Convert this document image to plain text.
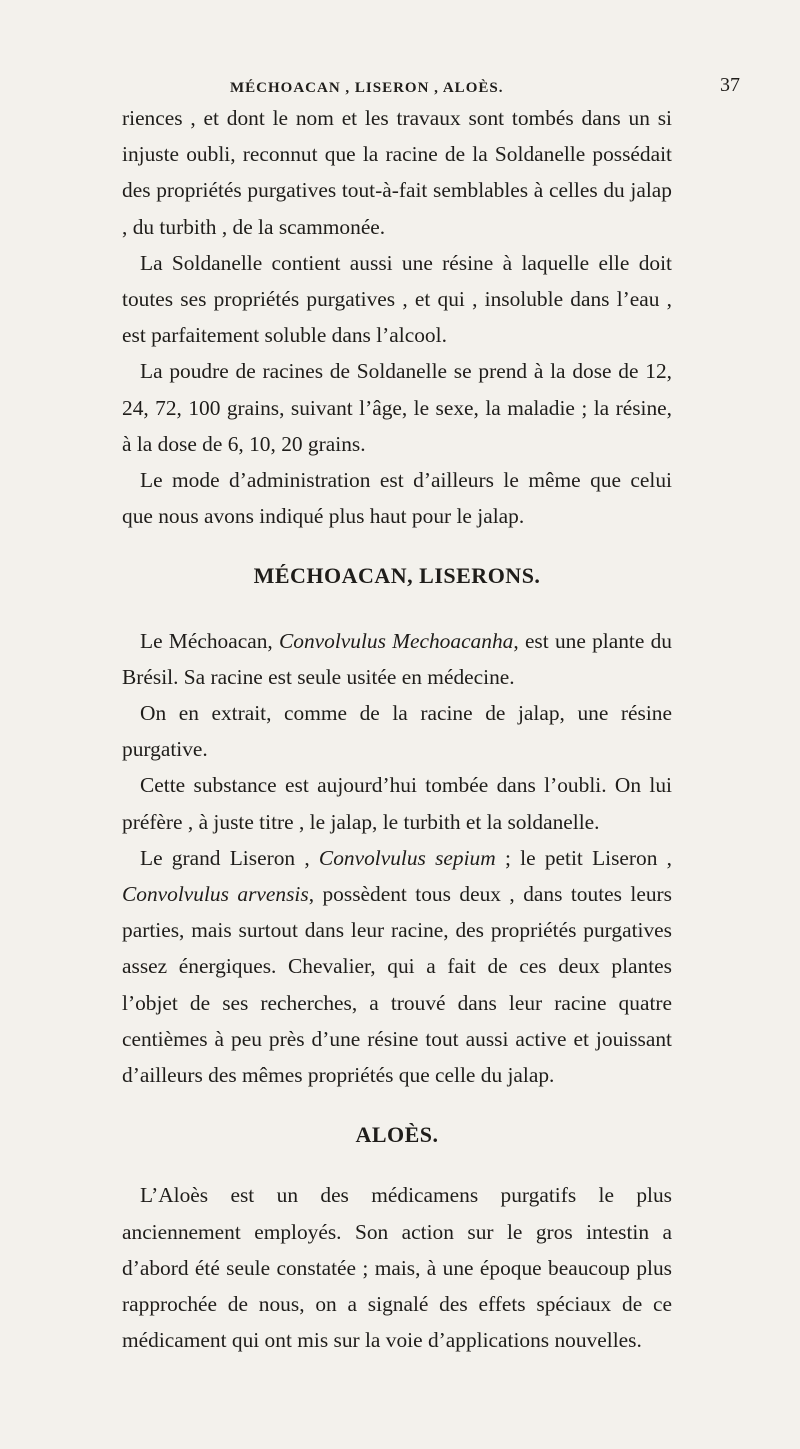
MÉCHOACAN , LISERON , ALOÈS.	37

riences , et dont le nom et les travaux sont tombés dans un si injuste oubli, reconnut que la racine de la Soldanelle possédait des propriétés purgatives tout-à-fait semblables à celles du jalap , du turbith , de la scammonée.

La Soldanelle contient aussi une résine à laquelle elle doit toutes ses propriétés purgatives , et qui , insoluble dans l’eau , est parfaitement soluble dans l’alcool.

La poudre de racines de Soldanelle se prend à la dose de 12, 24, 72, 100 grains, suivant l’âge, le sexe, la maladie ; la résine, à la dose de 6, 10, 20 grains.

Le mode d’administration est d’ailleurs le même que celui que nous avons indiqué plus haut pour le jalap.

MÉCHOACAN, LISERONS.

Le Méchoacan, Convolvulus Mechoacanha, est une plante du Brésil. Sa racine est seule usitée en médecine.

On en extrait, comme de la racine de jalap, une résine purgative.

Cette substance est aujourd’hui tombée dans l’oubli. On lui préfère , à juste titre , le jalap, le turbith et la soldanelle.

Le grand Liseron , Convolvulus sepium ; le petit Liseron , Convolvulus arvensis, possèdent tous deux , dans toutes leurs parties, mais surtout dans leur racine, des propriétés purgatives assez énergiques. Chevalier, qui a fait de ces deux plantes l’objet de ses recherches, a trouvé dans leur racine quatre centièmes à peu près d’une résine tout aussi active et jouissant d’ailleurs des mêmes propriétés que celle du jalap.

ALOÈS.

L’Aloès est un des médicamens purgatifs le plus anciennement employés. Son action sur le gros intestin a d’abord été seule constatée ; mais, à une époque beaucoup plus rapprochée de nous, on a signalé des effets spéciaux de ce médicament qui ont mis sur la voie d’applications nouvelles.
